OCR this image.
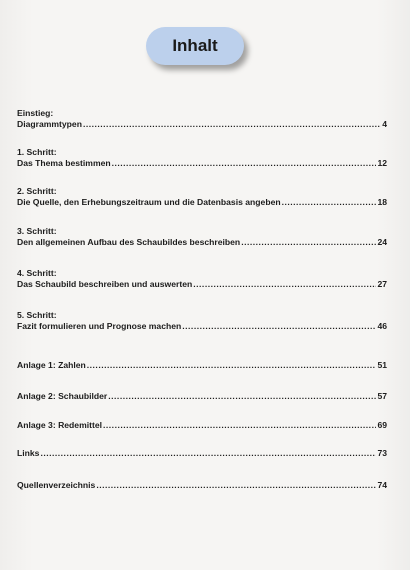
Inhalt
Einstieg:
Diagrammtypen .....	4
1. Schritt:
Das Thema bestimmen .....	12
2. Schritt:
Die Quelle, den Erhebungszeitraum und die Datenbasis angeben .....	18
3. Schritt:
Den allgemeinen Aufbau des Schaubildes beschreiben .....	24
4. Schritt:
Das Schaubild beschreiben und auswerten .....	27
5. Schritt:
Fazit formulieren und Prognose machen .....	46
Anlage 1: Zahlen .....	51
Anlage 2: Schaubilder .....	57
Anlage 3: Redemittel .....	69
Links .....	73
Quellenverzeichnis .....	74
